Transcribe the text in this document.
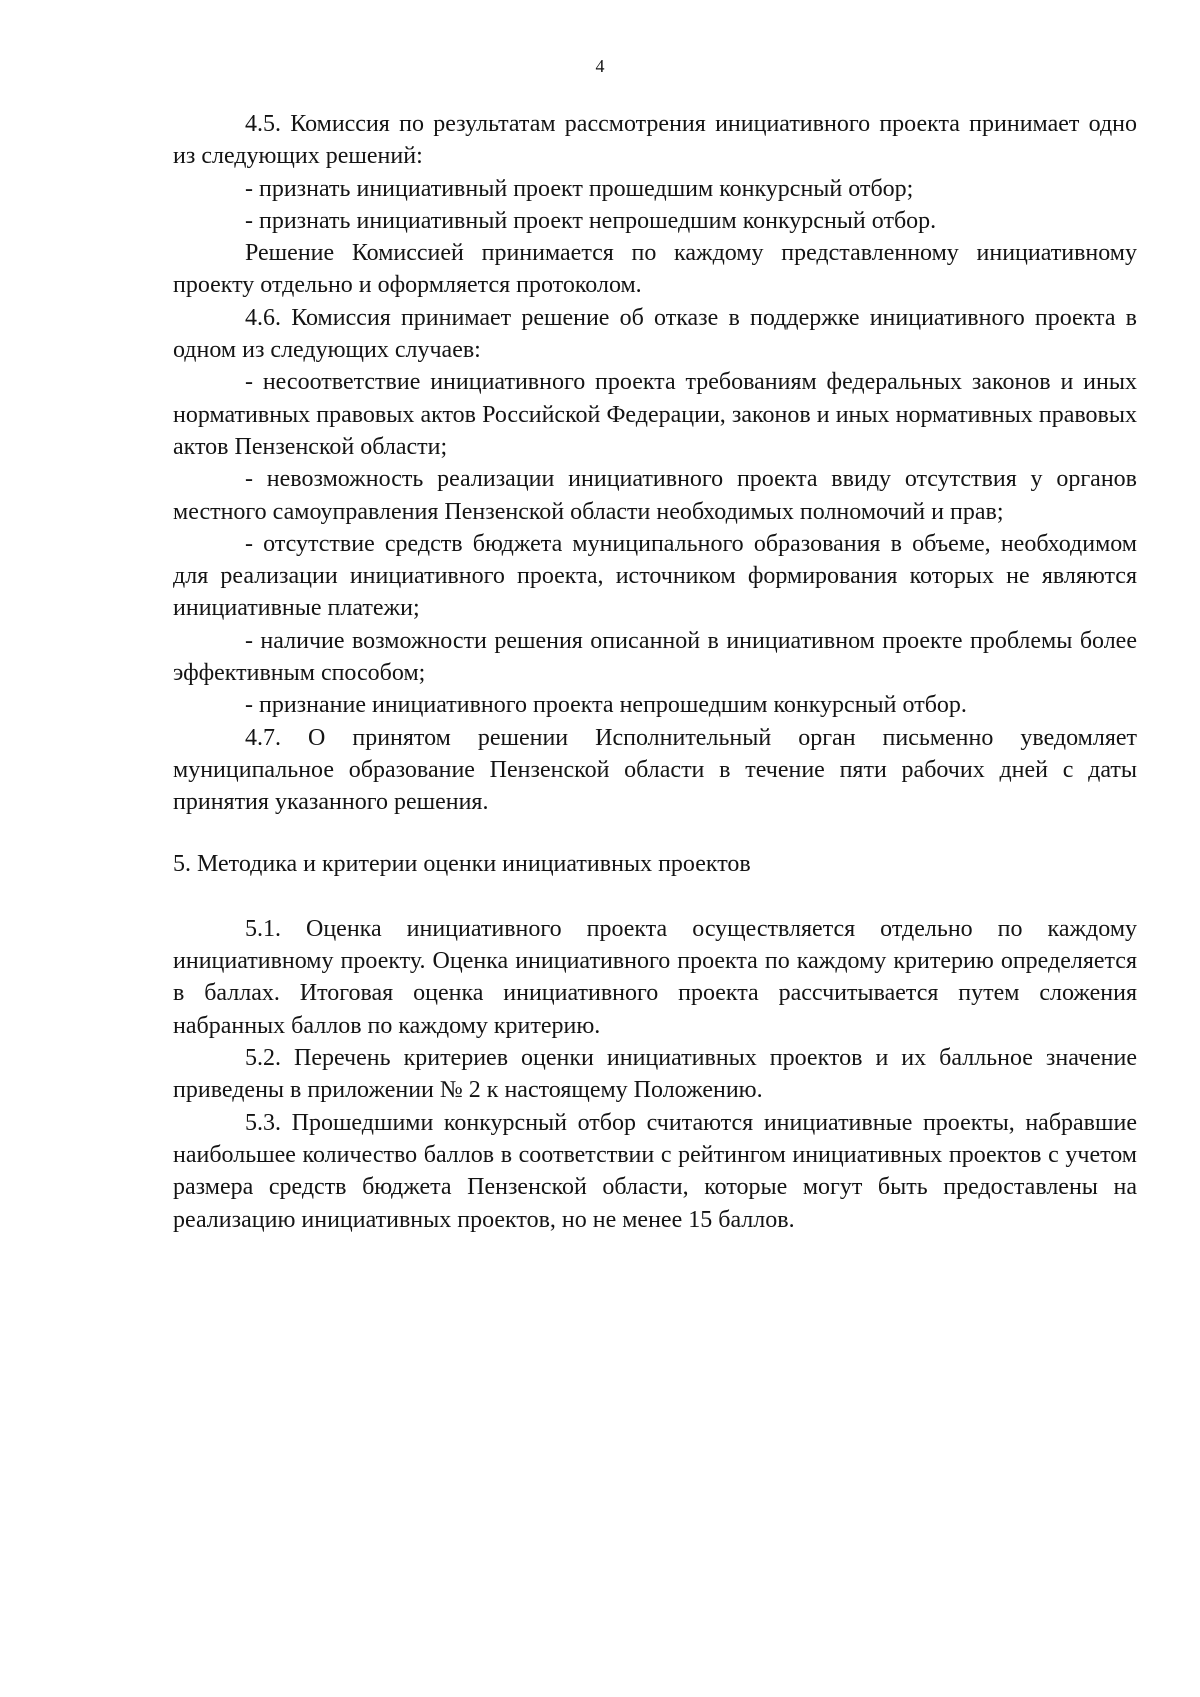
4

4.5. Комиссия по результатам рассмотрения инициативного проекта принимает одно из следующих решений:

- признать инициативный проект прошедшим конкурсный отбор;

- признать инициативный проект непрошедшим конкурсный отбор.

Решение Комиссией принимается по каждому представленному инициативному проекту отдельно и оформляется протоколом.

4.6. Комиссия принимает решение об отказе в поддержке инициативного проекта в одном из следующих случаев:

- несоответствие инициативного проекта требованиям федеральных законов и иных нормативных правовых актов Российской Федерации, законов и иных нормативных правовых актов Пензенской области;

- невозможность реализации инициативного проекта ввиду отсутствия у органов местного самоуправления Пензенской области необходимых полномочий и прав;

- отсутствие средств бюджета муниципального образования в объеме, необходимом для реализации инициативного проекта, источником формирования которых не являются инициативные платежи;

- наличие возможности решения описанной в инициативном проекте проблемы более эффективным способом;

- признание инициативного проекта непрошедшим конкурсный отбор.

4.7. О принятом решении Исполнительный орган письменно уведомляет муниципальное образование Пензенской области в течение пяти рабочих дней с даты принятия указанного решения.

5. Методика и критерии оценки инициативных проектов

5.1. Оценка инициативного проекта осуществляется отдельно по каждому инициативному проекту. Оценка инициативного проекта по каждому критерию определяется в баллах. Итоговая оценка инициативного проекта рассчитывается путем сложения набранных баллов по каждому критерию.

5.2. Перечень критериев оценки инициативных проектов и их балльное значение приведены в приложении № 2 к настоящему Положению.

5.3. Прошедшими конкурсный отбор считаются инициативные проекты, набравшие наибольшее количество баллов в соответствии с рейтингом инициативных проектов с учетом размера средств бюджета Пензенской области, которые могут быть предоставлены на реализацию инициативных проектов, но не менее 15 баллов.
